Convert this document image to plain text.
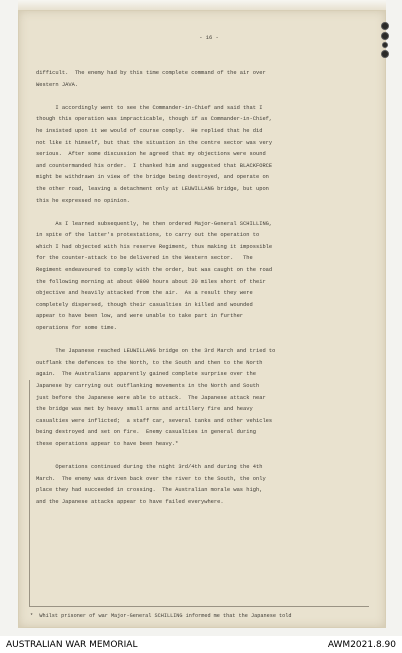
- 16 -

difficult.  The enemy had by this time complete command of the air over
Western JAVA.
I accordingly went to see the Commander-in-Chief and said that I
though this operation was impracticable, though if as Commander-in-Chief,
he insisted upon it we would of course comply.  He replied that he did
not like it himself, but that the situation in the centre sector was very
serious.  After some discussion he agreed that my objections were sound
and countermanded his order.  I thanked him and suggested that BLACKFORCE
might be withdrawn in view of the bridge being destroyed, and operate on
the other road, leaving a detachment only at LEUWILLANG bridge, but upon
this he expressed no opinion.
As I learned subsequently, he then ordered Major-General SCHILLING,
in spite of the latter's protestations, to carry out the operation to
which I had objected with his reserve Regiment, thus making it impossible
for the counter-attack to be delivered in the Western sector.   The
Regiment endeavoured to comply with the order, but was caught on the road
the following morning at about 0800 hours about 20 miles short of their
objective and heavily attacked from the air.  As a result they were
completely dispersed, though their casualties in killed and wounded
appear to have been low, and were unable to take part in further
operations for some time.
The Japanese reached LEUWILLANG bridge on the 3rd March and tried to
outflank the defences to the North, to the South and then to the North
again.  The Australians apparently gained complete surprise over the
Japanese by carrying out outflanking movements in the North and South
just before the Japanese were able to attack.  The Japanese attack near
the bridge was met by heavy small arms and artillery fire and heavy
casualties were inflicted;  a staff car, several tanks and other vehicles
being destroyed and set on fire.  Enemy casualties in general during
these operations appear to have been heavy.*
Operations continued during the night 3rd/4th and during the 4th
March.  The enemy was driven back over the river to the South, the only
place they had succeeded in crossing.  The Australian morale was high,
and the Japanese attacks appear to have failed everywhere.

*  Whilst prisoner of war Major-General SCHILLING informed me that the Japanese told

AUSTRALIAN WAR MEMORIAL	AWM2021.8.90
